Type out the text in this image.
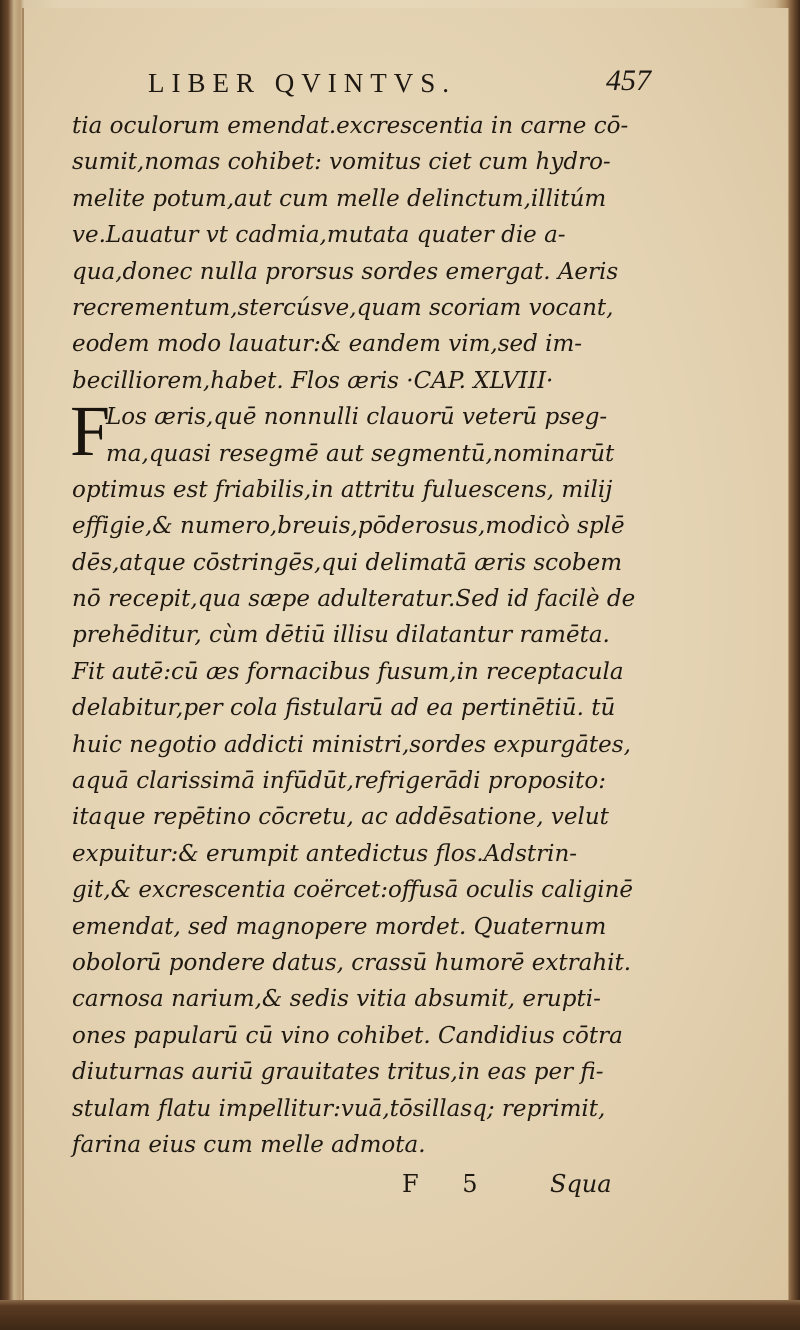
LIBER QVINTVS.	457
tia oculorum emendat.excrescentia in carne cō-
sumit,nomas cohibet: vomitus ciet cum hydro-
melite potum,aut cum melle delinctum,illitúm
ve.Lauatur vt cadmia,mutata quater die a-
qua,donec nulla prorsus sordes emergat. Aeris
recrementum,stercúsve,quam scoriam vocant,
eodem modo lauatur:& eandem vim,sed im-
becilliorem,habet. Flos æris ·CAP. XLVIII·
F
Los æris,quē nonnulli clauorū veterū pseg-
ma,quasi resegmē aut segmentū,nominarūt
optimus est friabilis,in attritu fuluescens, milij
effigie,& numero,breuis,pōderosus,modicò splē
dēs,atque cōstringēs,qui delimatā æris scobem
nō recepit,qua sæpe adulteratur.Sed id facilè de
prehēditur, cùm dētiū illisu dilatantur ramēta.
Fit autē:cū æs fornacibus fusum,in receptacula
delabitur,per cola fistularū ad ea pertinētiū. tū
huic negotio addicti ministri,sordes expurgātes,
aquā clarissimā infūdūt,refrigerādi proposito:
itaque repētino cōcretu, ac addēsatione, velut
expuitur:& erumpit antedictus flos.Adstrin-
git,& excrescentia coërcet:offusā oculis caliginē
emendat, sed magnopere mordet. Quaternum
obolorū pondere datus, crassū humorē extrahit.
carnosa narium,& sedis vitia absumit, erupti-
ones papularū cū vino cohibet. Candidius cōtra
diuturnas auriū grauitates tritus,in eas per fi-
stulam flatu impellitur:vuā,tōsillasq; reprimit,
farina eius cum melle admota.
F 5 Squa
